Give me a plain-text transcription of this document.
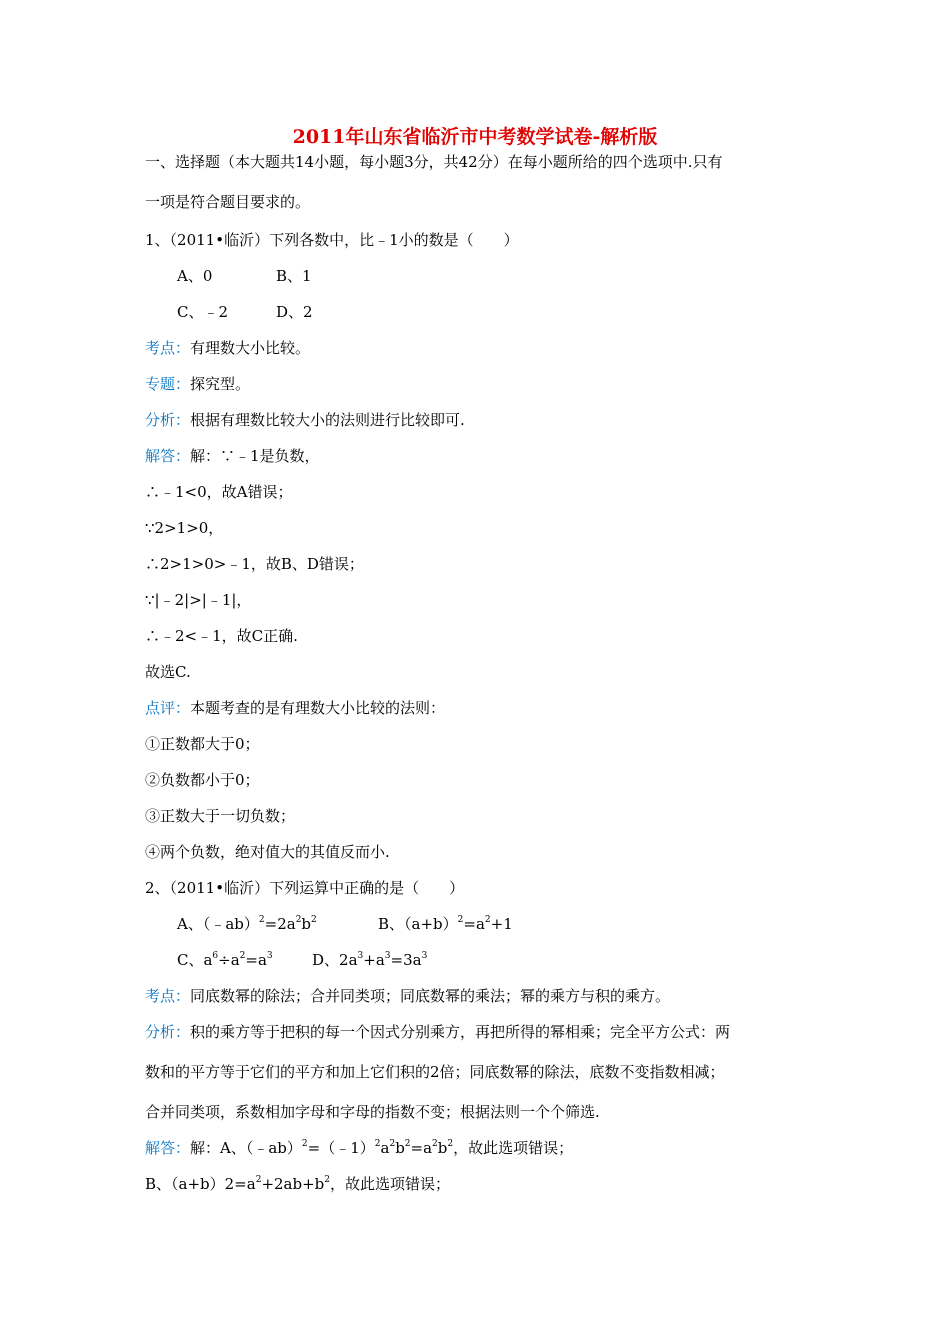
2011年山东省临沂市中考数学试卷-解析版
一、选择题（本大题共14小题，每小题3分，共42分）在每小题所给的四个选项中.只有
一项是符合题目要求的。
1、（2011•临沂）下列各数中，比﹣1小的数是（　　）
A、0	B、1
C、﹣2	D、2
考点：有理数大小比较。
专题：探究型。
分析：根据有理数比较大小的法则进行比较即可.
解答：解：∵﹣1是负数，
∴﹣1<0，故A错误；
∵2>1>0，
∴2>1>0>﹣1，故B、D错误；
∵|﹣2|>|﹣1|，
∴﹣2<﹣1，故C正确.
故选C.
点评：本题考查的是有理数大小比较的法则：
①正数都大于0；
②负数都小于0；
③正数大于一切负数；
④两个负数，绝对值大的其值反而小.
2、（2011•临沂）下列运算中正确的是（　　）
A、$(﹣ab)^2=2a^2b^2$	B、$(a+b)^2=a^2+1$
C、$a^6\div a^2=a^3$	D、$2a^3+a^3=3a^3$
考点：同底数幂的除法；合并同类项；同底数幂的乘法；幂的乘方与积的乘方。
分析：积的乘方等于把积的每一个因式分别乘方，再把所得的幂相乘；完全平方公式：两
数和的平方等于它们的平方和加上它们积的2倍；同底数幂的除法，底数不变指数相减；
合并同类项，系数相加字母和字母的指数不变；根据法则一个个筛选.
解答：解：A、$(﹣ab)^2=(﹣1)^2a^2b^2=a^2b^2$，故此选项错误；
B、$(a+b)2=a^2+2ab+b^2$，故此选项错误；
